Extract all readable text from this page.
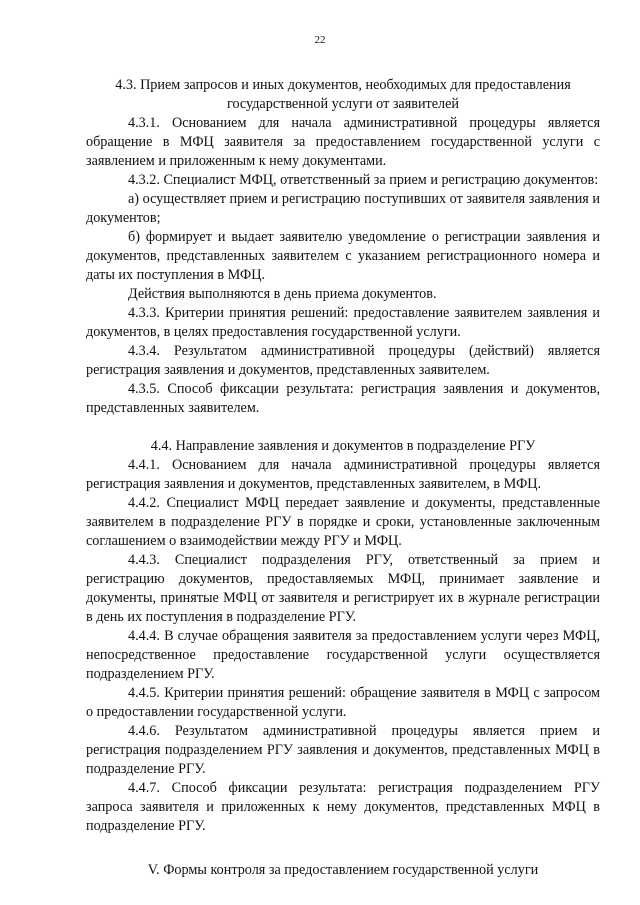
22

4.3. Прием запросов и иных документов, необходимых для предоставления государственной услуги от заявителей

4.3.1. Основанием для начала административной процедуры является обращение в МФЦ заявителя за предоставлением государственной услуги с заявлением и приложенным к нему документами.

4.3.2. Специалист МФЦ, ответственный за прием и регистрацию документов:

а) осуществляет прием и регистрацию поступивших от заявителя заявления и документов;

б) формирует и выдает заявителю уведомление о регистрации заявления и документов, представленных заявителем с указанием регистрационного номера и даты их поступления в МФЦ.

Действия выполняются в день приема документов.

4.3.3. Критерии принятия решений: предоставление заявителем заявления и документов, в целях предоставления государственной услуги.

4.3.4. Результатом административной процедуры (действий) является регистрация заявления и документов, представленных заявителем.

4.3.5. Способ фиксации результата: регистрация заявления и документов, представленных заявителем.

4.4. Направление заявления и документов в подразделение РГУ

4.4.1. Основанием для начала административной процедуры является регистрация заявления и документов, представленных заявителем, в МФЦ.

4.4.2. Специалист МФЦ передает заявление и документы, представленные заявителем в подразделение РГУ в порядке и сроки, установленные заключенным соглашением о взаимодействии между РГУ и МФЦ.

4.4.3. Специалист подразделения РГУ, ответственный за прием и регистрацию документов, предоставляемых МФЦ, принимает заявление и документы, принятые МФЦ от заявителя и регистрирует их в журнале регистрации в день их поступления в подразделение РГУ.

4.4.4. В случае обращения заявителя за предоставлением услуги через МФЦ, непосредственное предоставление государственной услуги осуществляется подразделением РГУ.

4.4.5. Критерии принятия решений: обращение заявителя в МФЦ с запросом о предоставлении государственной услуги.

4.4.6. Результатом административной процедуры является прием и регистрация подразделением РГУ заявления и документов, представленных МФЦ в подразделение РГУ.

4.4.7. Способ фиксации результата: регистрация подразделением РГУ запроса заявителя и приложенных к нему документов, представленных МФЦ в подразделение РГУ.

V. Формы контроля за предоставлением государственной услуги
